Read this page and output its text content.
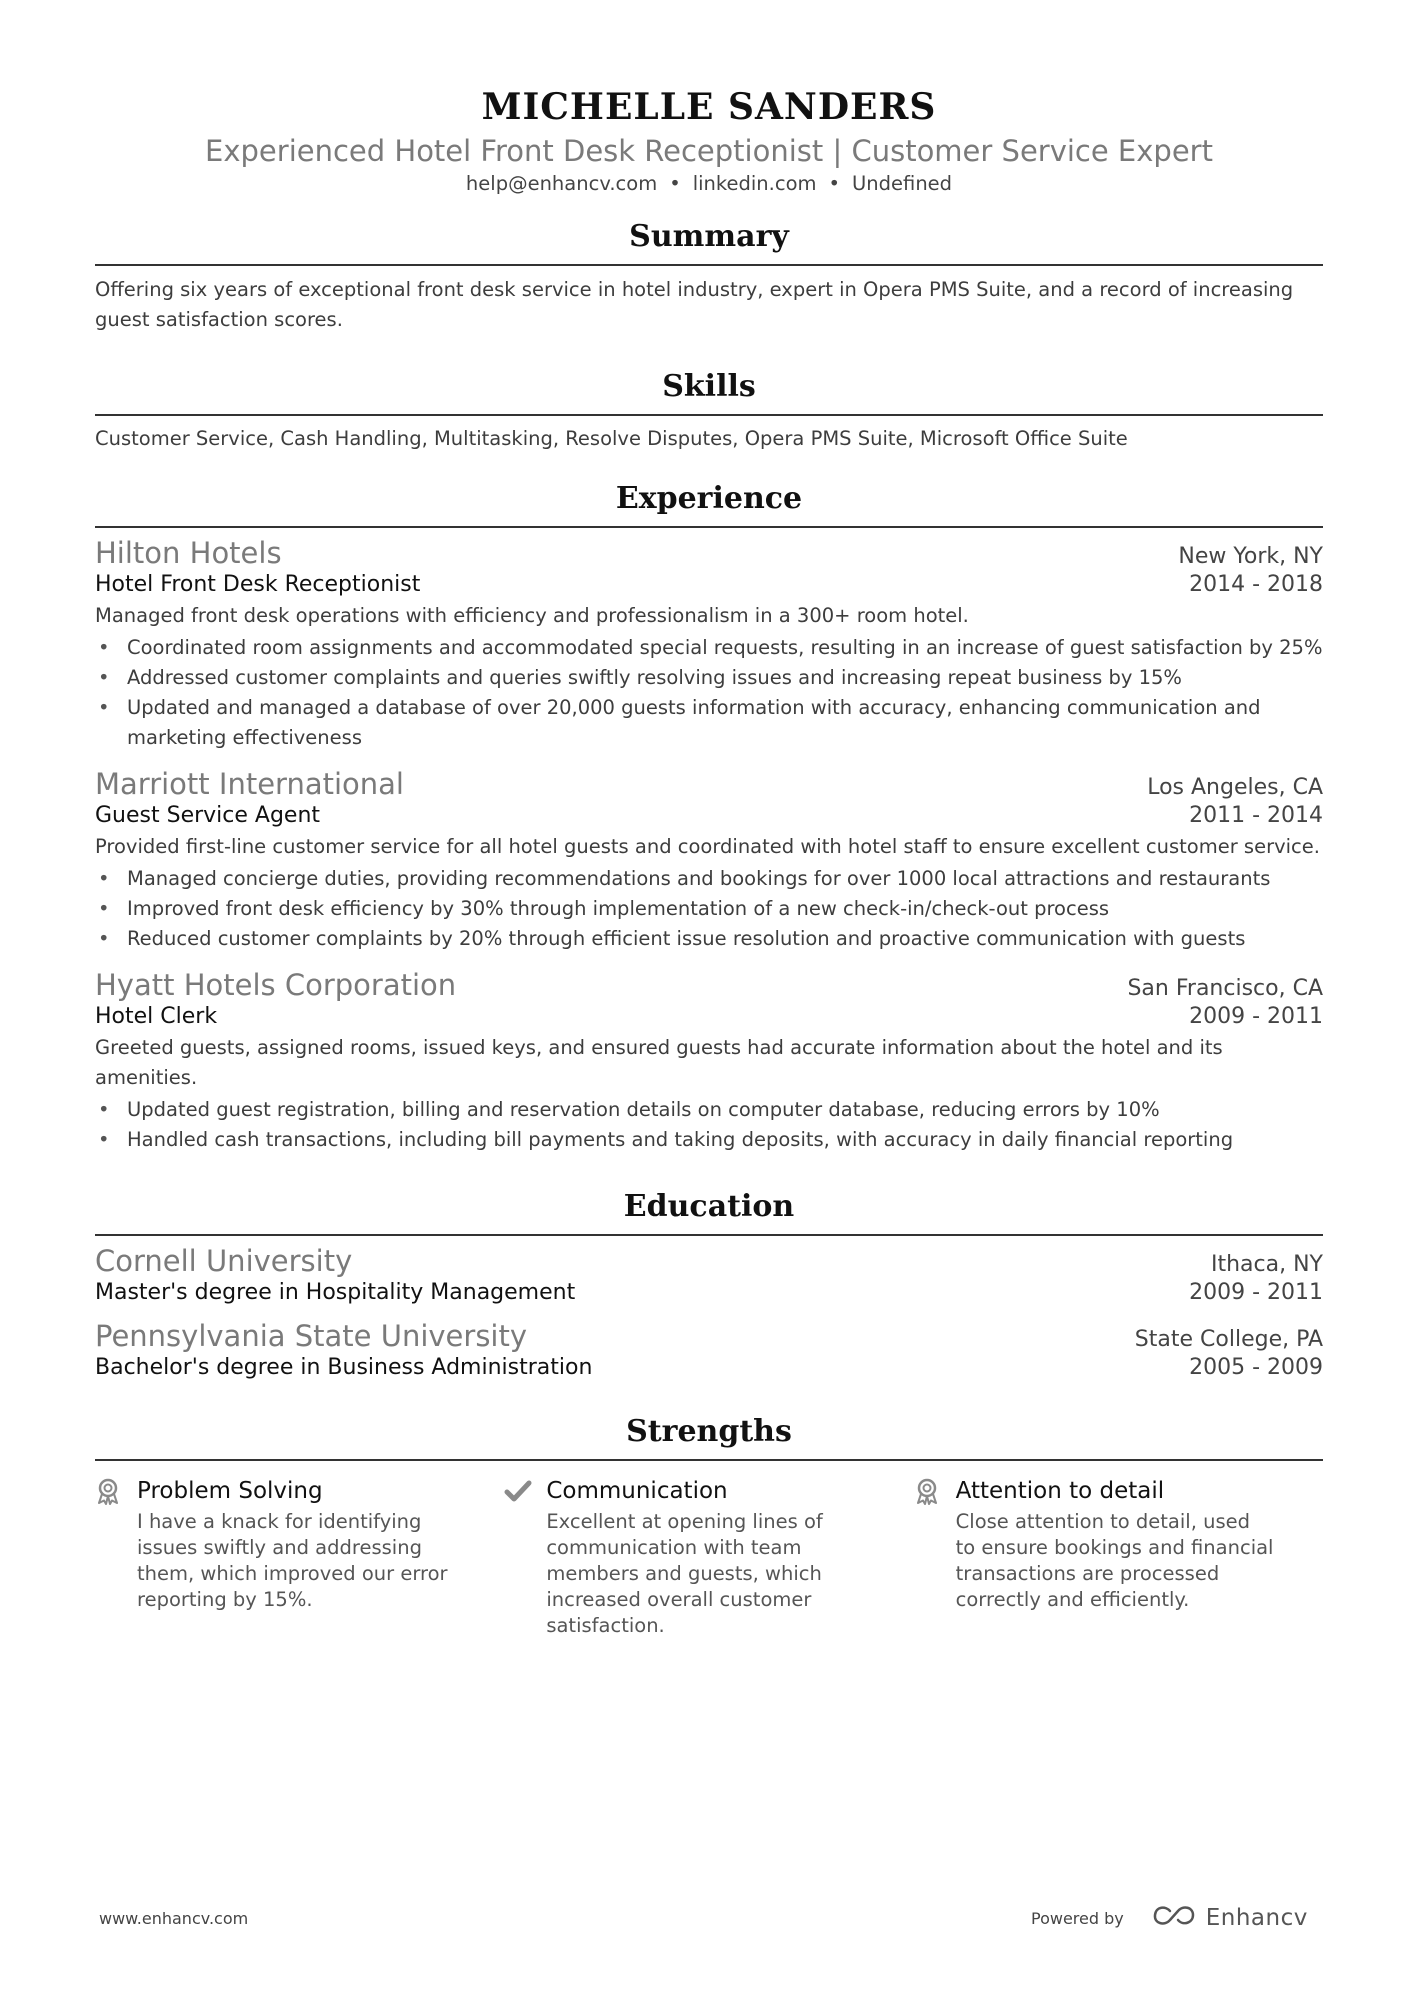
MICHELLE SANDERS
Experienced Hotel Front Desk Receptionist | Customer Service Expert
help@enhancv.com • linkedin.com • Undefined
Summary
Offering six years of exceptional front desk service in hotel industry, expert in Opera PMS Suite, and a record of increasing guest satisfaction scores.
Skills
Customer Service, Cash Handling, Multitasking, Resolve Disputes, Opera PMS Suite, Microsoft Office Suite
Experience
Hilton Hotels	New York, NY
Hotel Front Desk Receptionist	2014 - 2018
Managed front desk operations with efficiency and professionalism in a 300+ room hotel.
• Coordinated room assignments and accommodated special requests, resulting in an increase of guest satisfaction by 25%
• Addressed customer complaints and queries swiftly resolving issues and increasing repeat business by 15%
• Updated and managed a database of over 20,000 guests information with accuracy, enhancing communication and marketing effectiveness
Marriott International	Los Angeles, CA
Guest Service Agent	2011 - 2014
Provided first-line customer service for all hotel guests and coordinated with hotel staff to ensure excellent customer service.
• Managed concierge duties, providing recommendations and bookings for over 1000 local attractions and restaurants
• Improved front desk efficiency by 30% through implementation of a new check-in/check-out process
• Reduced customer complaints by 20% through efficient issue resolution and proactive communication with guests
Hyatt Hotels Corporation	San Francisco, CA
Hotel Clerk	2009 - 2011
Greeted guests, assigned rooms, issued keys, and ensured guests had accurate information about the hotel and its amenities.
• Updated guest registration, billing and reservation details on computer database, reducing errors by 10%
• Handled cash transactions, including bill payments and taking deposits, with accuracy in daily financial reporting
Education
Cornell University	Ithaca, NY
Master's degree in Hospitality Management	2009 - 2011
Pennsylvania State University	State College, PA
Bachelor's degree in Business Administration	2005 - 2009
Strengths
Problem Solving
I have a knack for identifying issues swiftly and addressing them, which improved our error reporting by 15%.
Communication
Excellent at opening lines of communication with team members and guests, which increased overall customer satisfaction.
Attention to detail
Close attention to detail, used to ensure bookings and financial transactions are processed correctly and efficiently.
www.enhancv.com	Powered by	Enhancv
